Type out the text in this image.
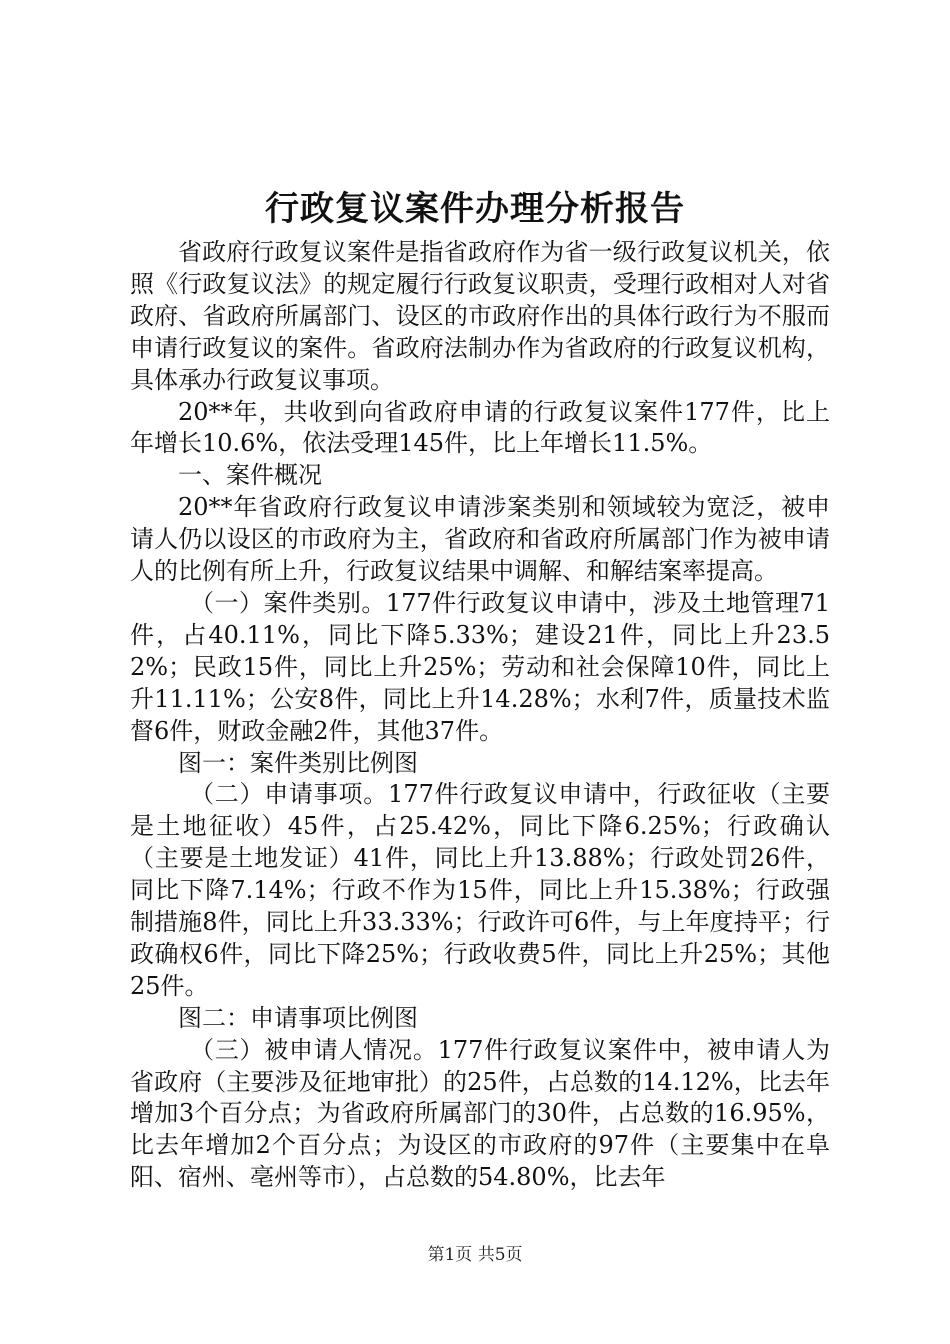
行政复议案件办理分析报告

省政府行政复议案件是指省政府作为省一级行政复议机关，依照《行政复议法》的规定履行行政复议职责，受理行政相对人对省政府、省政府所属部门、设区的市政府作出的具体行政行为不服而申请行政复议的案件。省政府法制办作为省政府的行政复议机构，具体承办行政复议事项。

20**年，共收到向省政府申请的行政复议案件177件，比上年增长10.6%，依法受理145件，比上年增长11.5%。

一、案件概况

20**年省政府行政复议申请涉案类别和领域较为宽泛，被申请人仍以设区的市政府为主，省政府和省政府所属部门作为被申请人的比例有所上升，行政复议结果中调解、和解结案率提高。

（一）案件类别。177件行政复议申请中，涉及土地管理71件，占40.11%，同比下降5.33%；建设21件，同比上升23.52%；民政15件，同比上升25%；劳动和社会保障10件，同比上升11.11%；公安8件，同比上升14.28%；水利7件，质量技术监督6件，财政金融2件，其他37件。

图一：案件类别比例图

（二）申请事项。177件行政复议申请中，行政征收（主要是土地征收）45件，占25.42%，同比下降6.25%；行政确认（主要是土地发证）41件，同比上升13.88%；行政处罚26件，同比下降7.14%；行政不作为15件，同比上升15.38%；行政强制措施8件，同比上升33.33%；行政许可6件，与上年度持平；行政确权6件，同比下降25%；行政收费5件，同比上升25%；其他25件。

图二：申请事项比例图

（三）被申请人情况。177件行政复议案件中，被申请人为省政府（主要涉及征地审批）的25件，占总数的14.12%，比去年增加3个百分点；为省政府所属部门的30件，占总数的16.95%，比去年增加2个百分点；为设区的市政府的97件（主要集中在阜阳、宿州、亳州等市），占总数的54.80%，比去年

第1页 共5页
